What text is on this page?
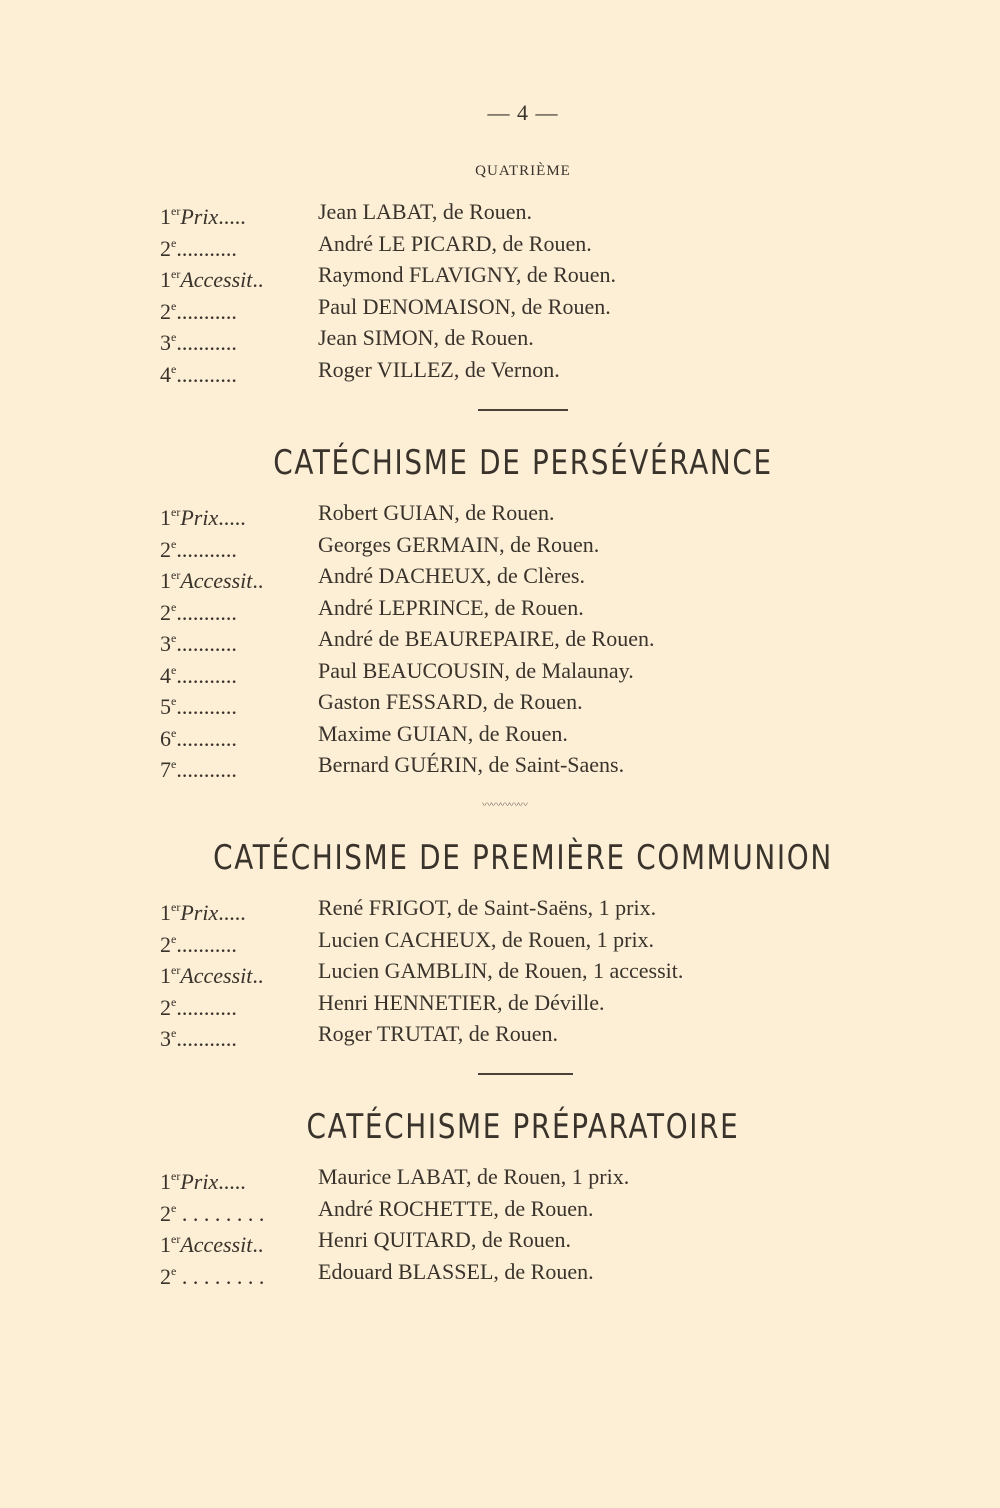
— 4 —
QUATRIÈME
1erPrix.....	Jean LABAT, de Rouen.
2e...........	André LE PICARD, de Rouen.
1erAccessit..	Raymond FLAVIGNY, de Rouen.
2e...........	Paul DENOMAISON, de Rouen.
3e...........	Jean SIMON, de Rouen.
4e...........	Roger VILLEZ, de Vernon.
CATÉCHISME DE PERSÉVÉRANCE
1erPrix.....	Robert GUIAN, de Rouen.
2e...........	Georges GERMAIN, de Rouen.
1erAccessit..	André DACHEUX, de Clères.
2e...........	André LEPRINCE, de Rouen.
3e...........	André de BEAUREPAIRE, de Rouen.
4e...........	Paul BEAUCOUSIN, de Malaunay.
5e...........	Gaston FESSARD, de Rouen.
6e...........	Maxime GUIAN, de Rouen.
7e...........	Bernard GUÉRIN, de Saint-Saens.
〰〰〰〰〰
CATÉCHISME DE PREMIÈRE COMMUNION
1erPrix.....	René FRIGOT, de Saint-Saëns, 1 prix.
2e...........	Lucien CACHEUX, de Rouen, 1 prix.
1erAccessit..	Lucien GAMBLIN, de Rouen, 1 accessit.
2e...........	Henri HENNETIER, de Déville.
3e...........	Roger TRUTAT, de Rouen.
CATÉCHISME PRÉPARATOIRE
1erPrix.....	Maurice LABAT, de Rouen, 1 prix.
2e . . . . . . . .	André ROCHETTE, de Rouen.
1erAccessit..	Henri QUITARD, de Rouen.
2e . . . . . . . .	Edouard BLASSEL, de Rouen.
